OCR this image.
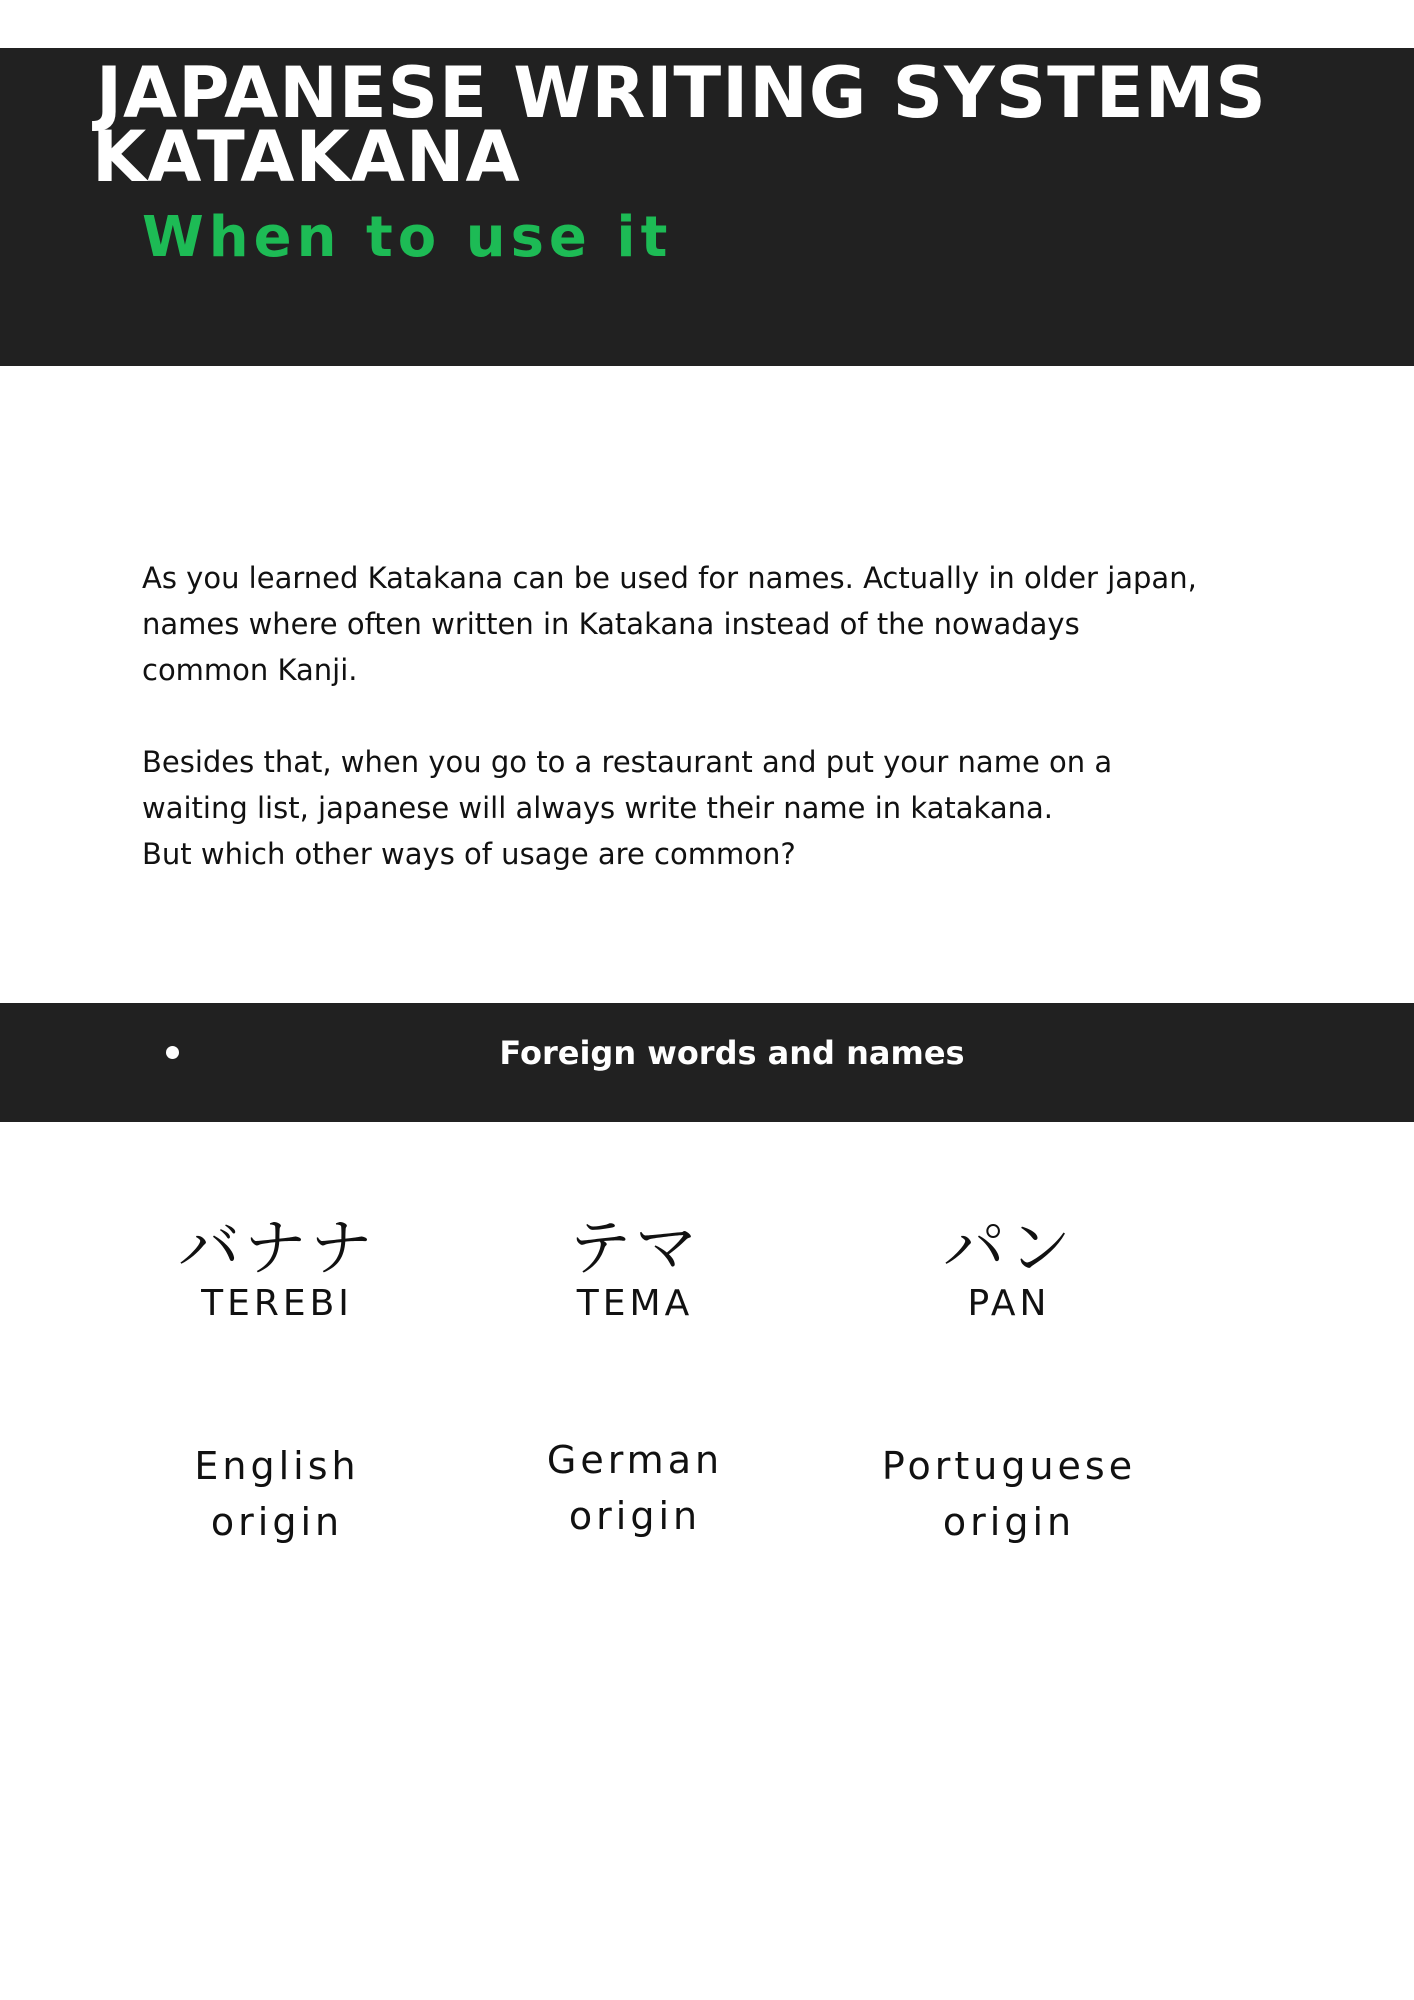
JAPANESE WRITING SYSTEMS
KATAKANA
When to use it

As you learned Katakana can be used for names. Actually in older japan,
names where often written in Katakana instead of the nowadays
common Kanji.

Besides that, when you go to a restaurant and put your name on a
waiting list, japanese will always write their name in katakana.
But which other ways of usage are common?

Foreign words and names
バナナ
TEREBI
English
origin
テマ
TEMA
German
origin
パン
PAN
Portuguese
origin
